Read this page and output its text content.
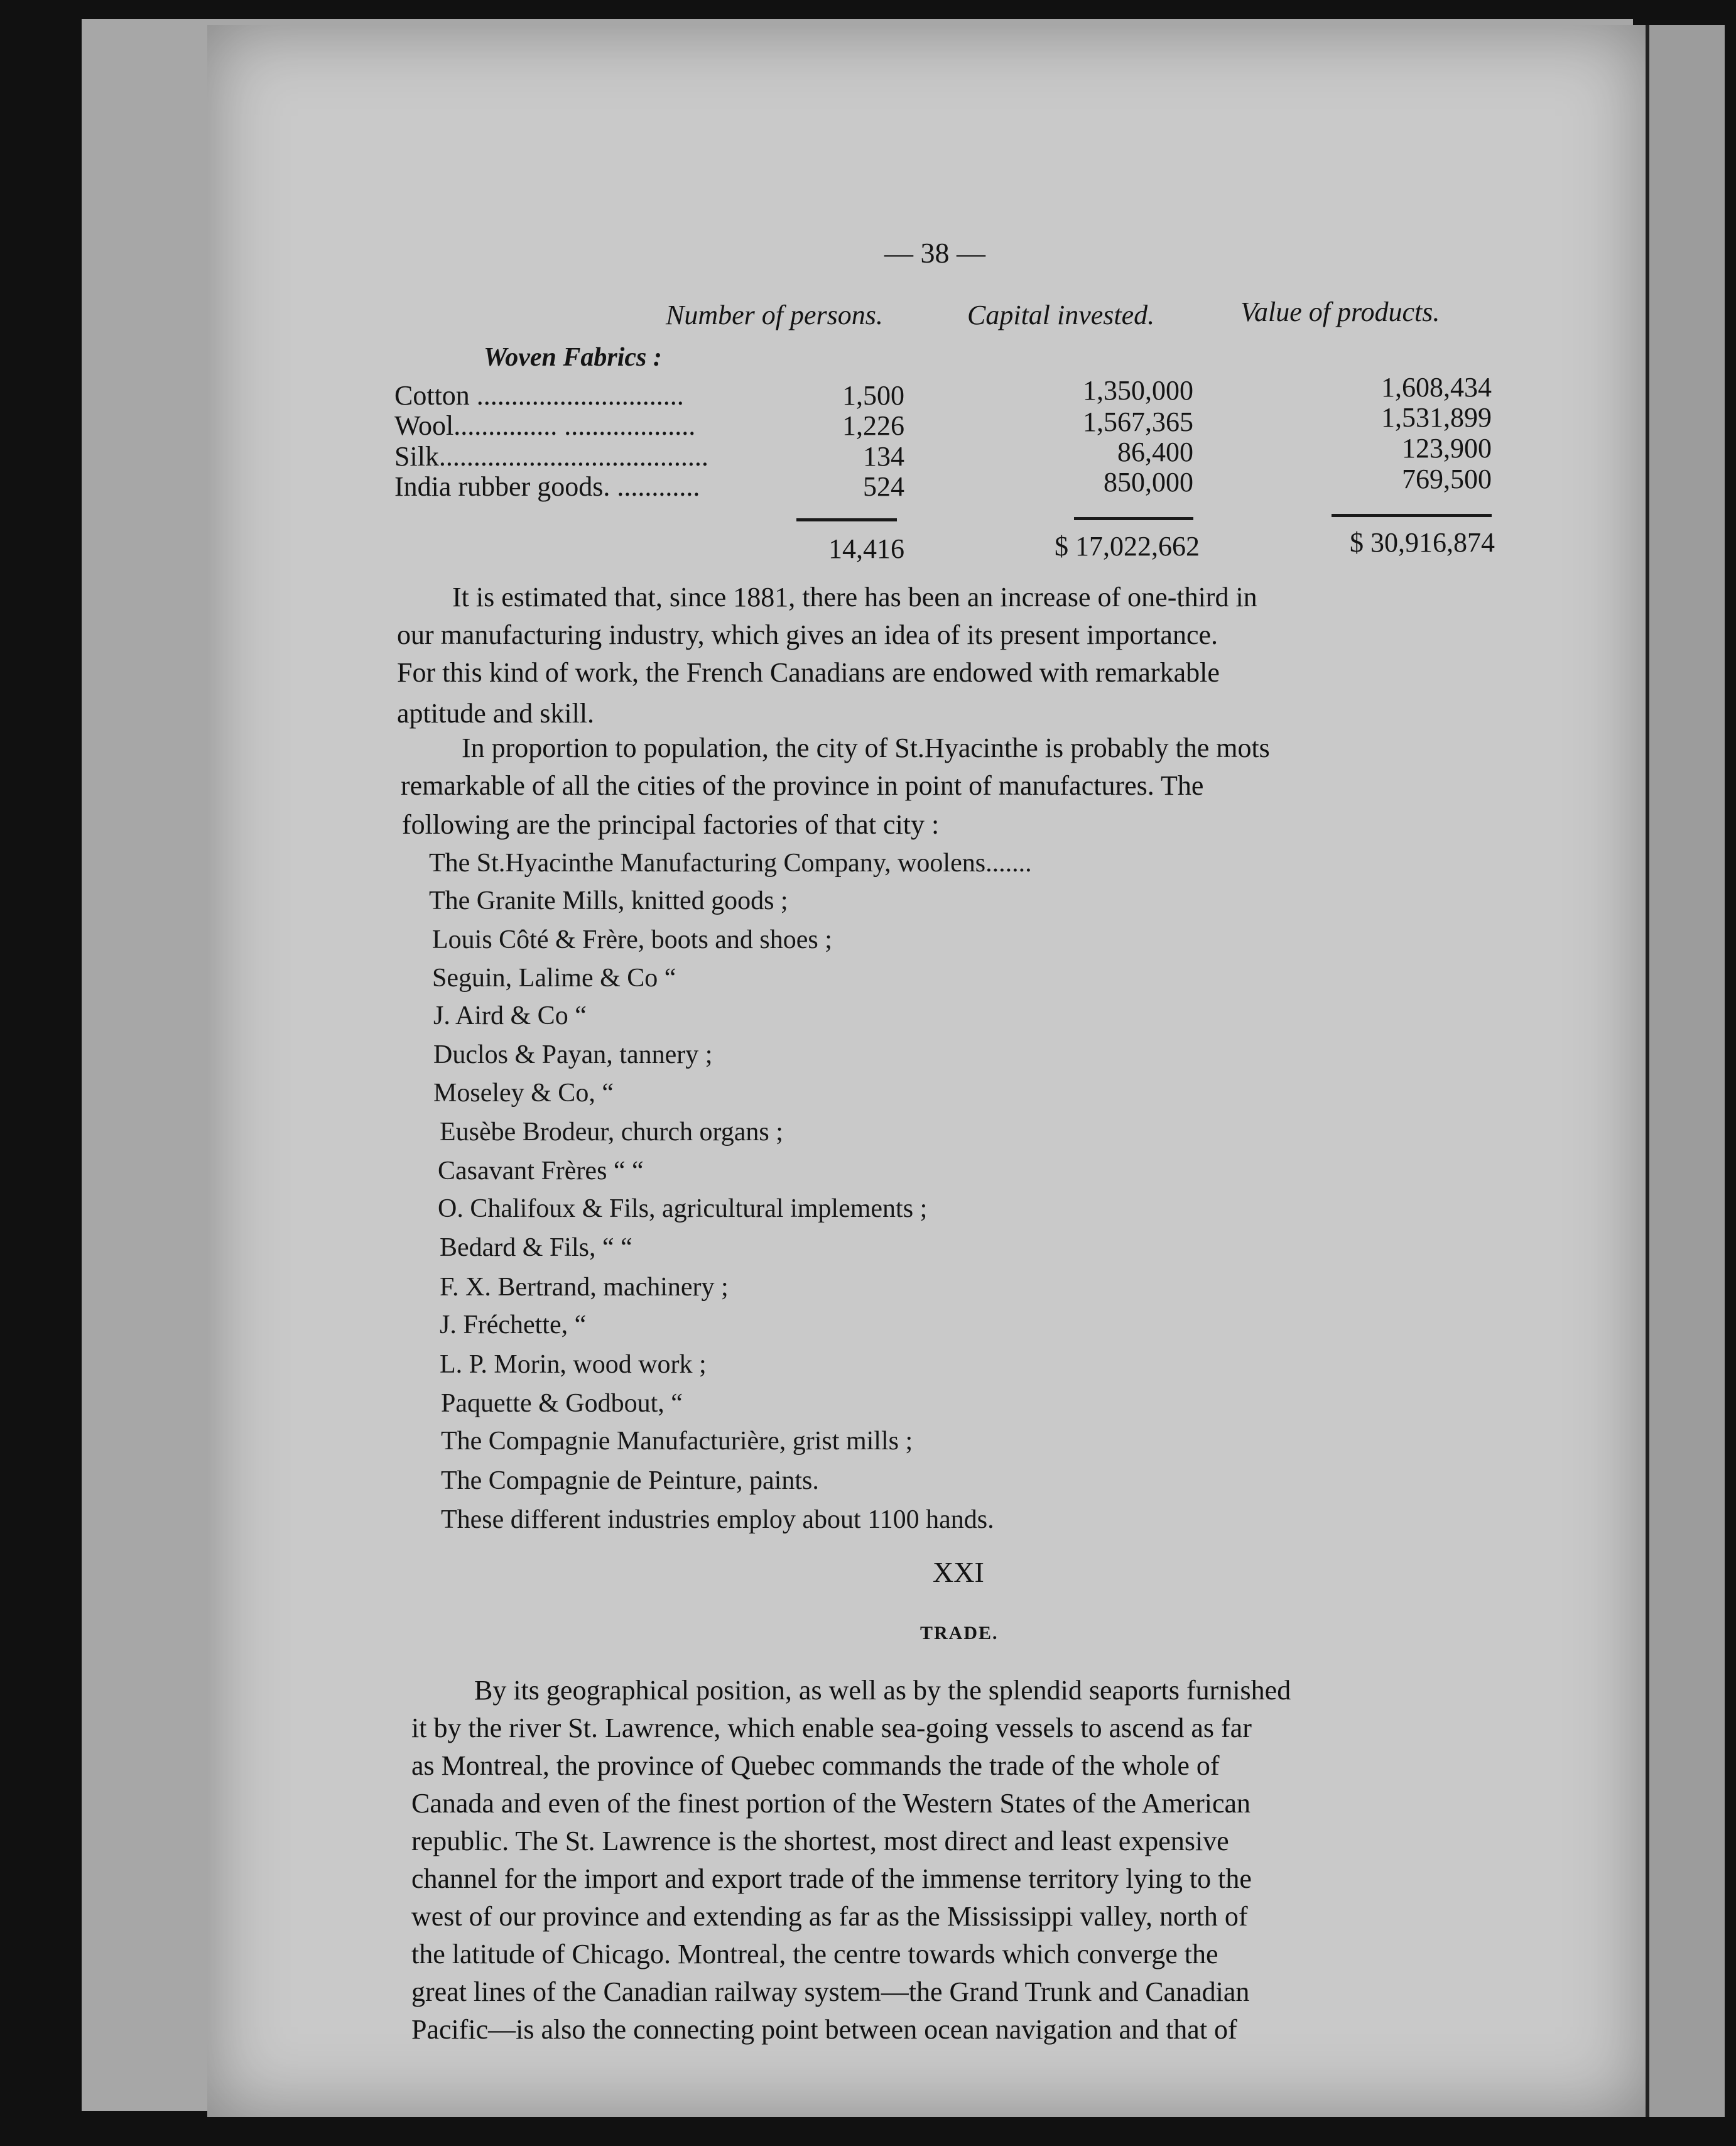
— 38 —
Number of persons.	Capital invested.	Value of products.
Woven Fabrics :
Cotton ..............................	1,500	1,350,000	1,608,434
Wool............... ...................	1,226	1,567,365	1,531,899
Silk.......................................	134	86,400	123,900
India rubber goods. ............	524	850,000	769,500
14,416	$ 17,022,662	$ 30,916,874
It is estimated that, since 1881, there has been an increase of one-third in
our manufacturing industry, which gives an idea of its present importance.
For this kind of work, the French Canadians are endowed with remarkable
aptitude and skill.
In proportion to population, the city of St.Hyacinthe is probably the mots
remarkable of all the cities of the province in point of manufactures. The
following are the principal factories of that city :
The St.Hyacinthe Manufacturing Company, woolens.......
The Granite Mills, knitted goods ;
Louis Côté & Frère, boots and shoes ;
Seguin, Lalime & Co “
J. Aird & Co “
Duclos & Payan, tannery ;
Moseley & Co, “
Eusèbe Brodeur, church organs ;
Casavant Frères “ “
O. Chalifoux & Fils, agricultural implements ;
Bedard & Fils, “ “
F. X. Bertrand, machinery ;
J. Fréchette, “
L. P. Morin, wood work ;
Paquette & Godbout, “
The Compagnie Manufacturière, grist mills ;
The Compagnie de Peinture, paints.
These different industries employ about 1100 hands.
XXI
TRADE.
By its geographical position, as well as by the splendid seaports furnished
it by the river St. Lawrence, which enable sea-going vessels to ascend as far
as Montreal, the province of Quebec commands the trade of the whole of
Canada and even of the finest portion of the Western States of the American
republic. The St. Lawrence is the shortest, most direct and least expensive
channel for the import and export trade of the immense territory lying to the
west of our province and extending as far as the Mississippi valley, north of
the latitude of Chicago. Montreal, the centre towards which converge the
great lines of the Canadian railway system—the Grand Trunk and Canadian
Pacific—is also the connecting point between ocean navigation and that of
